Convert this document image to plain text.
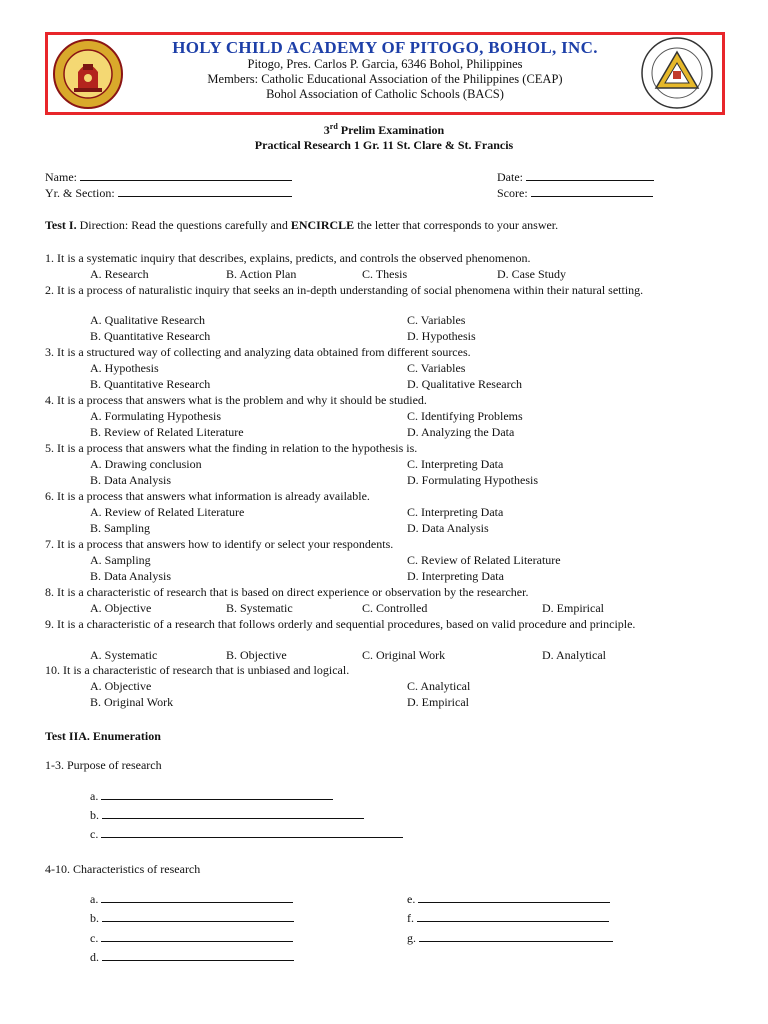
HOLY CHILD ACADEMY OF PITOGO, BOHOL, INC.
Pitogo, Pres. Carlos P. Garcia, 6346 Bohol, Philippines
Members: Catholic Educational Association of the Philippines (CEAP)
Bohol Association of Catholic Schools (BACS)
3rd Prelim Examination
Practical Research 1 Gr. 11 St. Clare & St. Francis
Name:	Date:
Yr. & Section:	Score:
Test I. Direction: Read the questions carefully and ENCIRCLE the letter that corresponds to your answer.
1. It is a systematic inquiry that describes, explains, predicts, and controls the observed phenomenon.
A. Research	B. Action Plan	C. Thesis	D. Case Study
2. It is a process of naturalistic inquiry that seeks an in-depth understanding of social phenomena within their natural setting.
A. Qualitative Research	C. Variables
B. Quantitative Research	D. Hypothesis
3. It is a structured way of collecting and analyzing data obtained from different sources.
A. Hypothesis	C. Variables
B. Quantitative Research	D. Qualitative Research
4. It is a process that answers what is the problem and why it should be studied.
A. Formulating Hypothesis	C. Identifying Problems
B. Review of Related Literature	D. Analyzing the Data
5. It is a process that answers what the finding in relation to the hypothesis is.
A. Drawing conclusion	C. Interpreting Data
B. Data Analysis	D. Formulating Hypothesis
6. It is a process that answers what information is already available.
A. Review of Related Literature	C. Interpreting Data
B. Sampling	D. Data Analysis
7. It is a process that answers how to identify or select your respondents.
A. Sampling	C. Review of Related Literature
B. Data Analysis	D. Interpreting Data
8. It is a characteristic of research that is based on direct experience or observation by the researcher.
A. Objective	B. Systematic	C. Controlled	D. Empirical
9. It is a characteristic of a research that follows orderly and sequential procedures, based on valid procedure and principle.
A. Systematic	B. Objective	C. Original Work	D. Analytical
10. It is a characteristic of research that is unbiased and logical.
A. Objective	C. Analytical
B. Original Work	D. Empirical
Test IIA. Enumeration
1-3. Purpose of research
a.
b.
c.
4-10. Characteristics of research
a.
b.
c.
d.
e.
f.
g.
